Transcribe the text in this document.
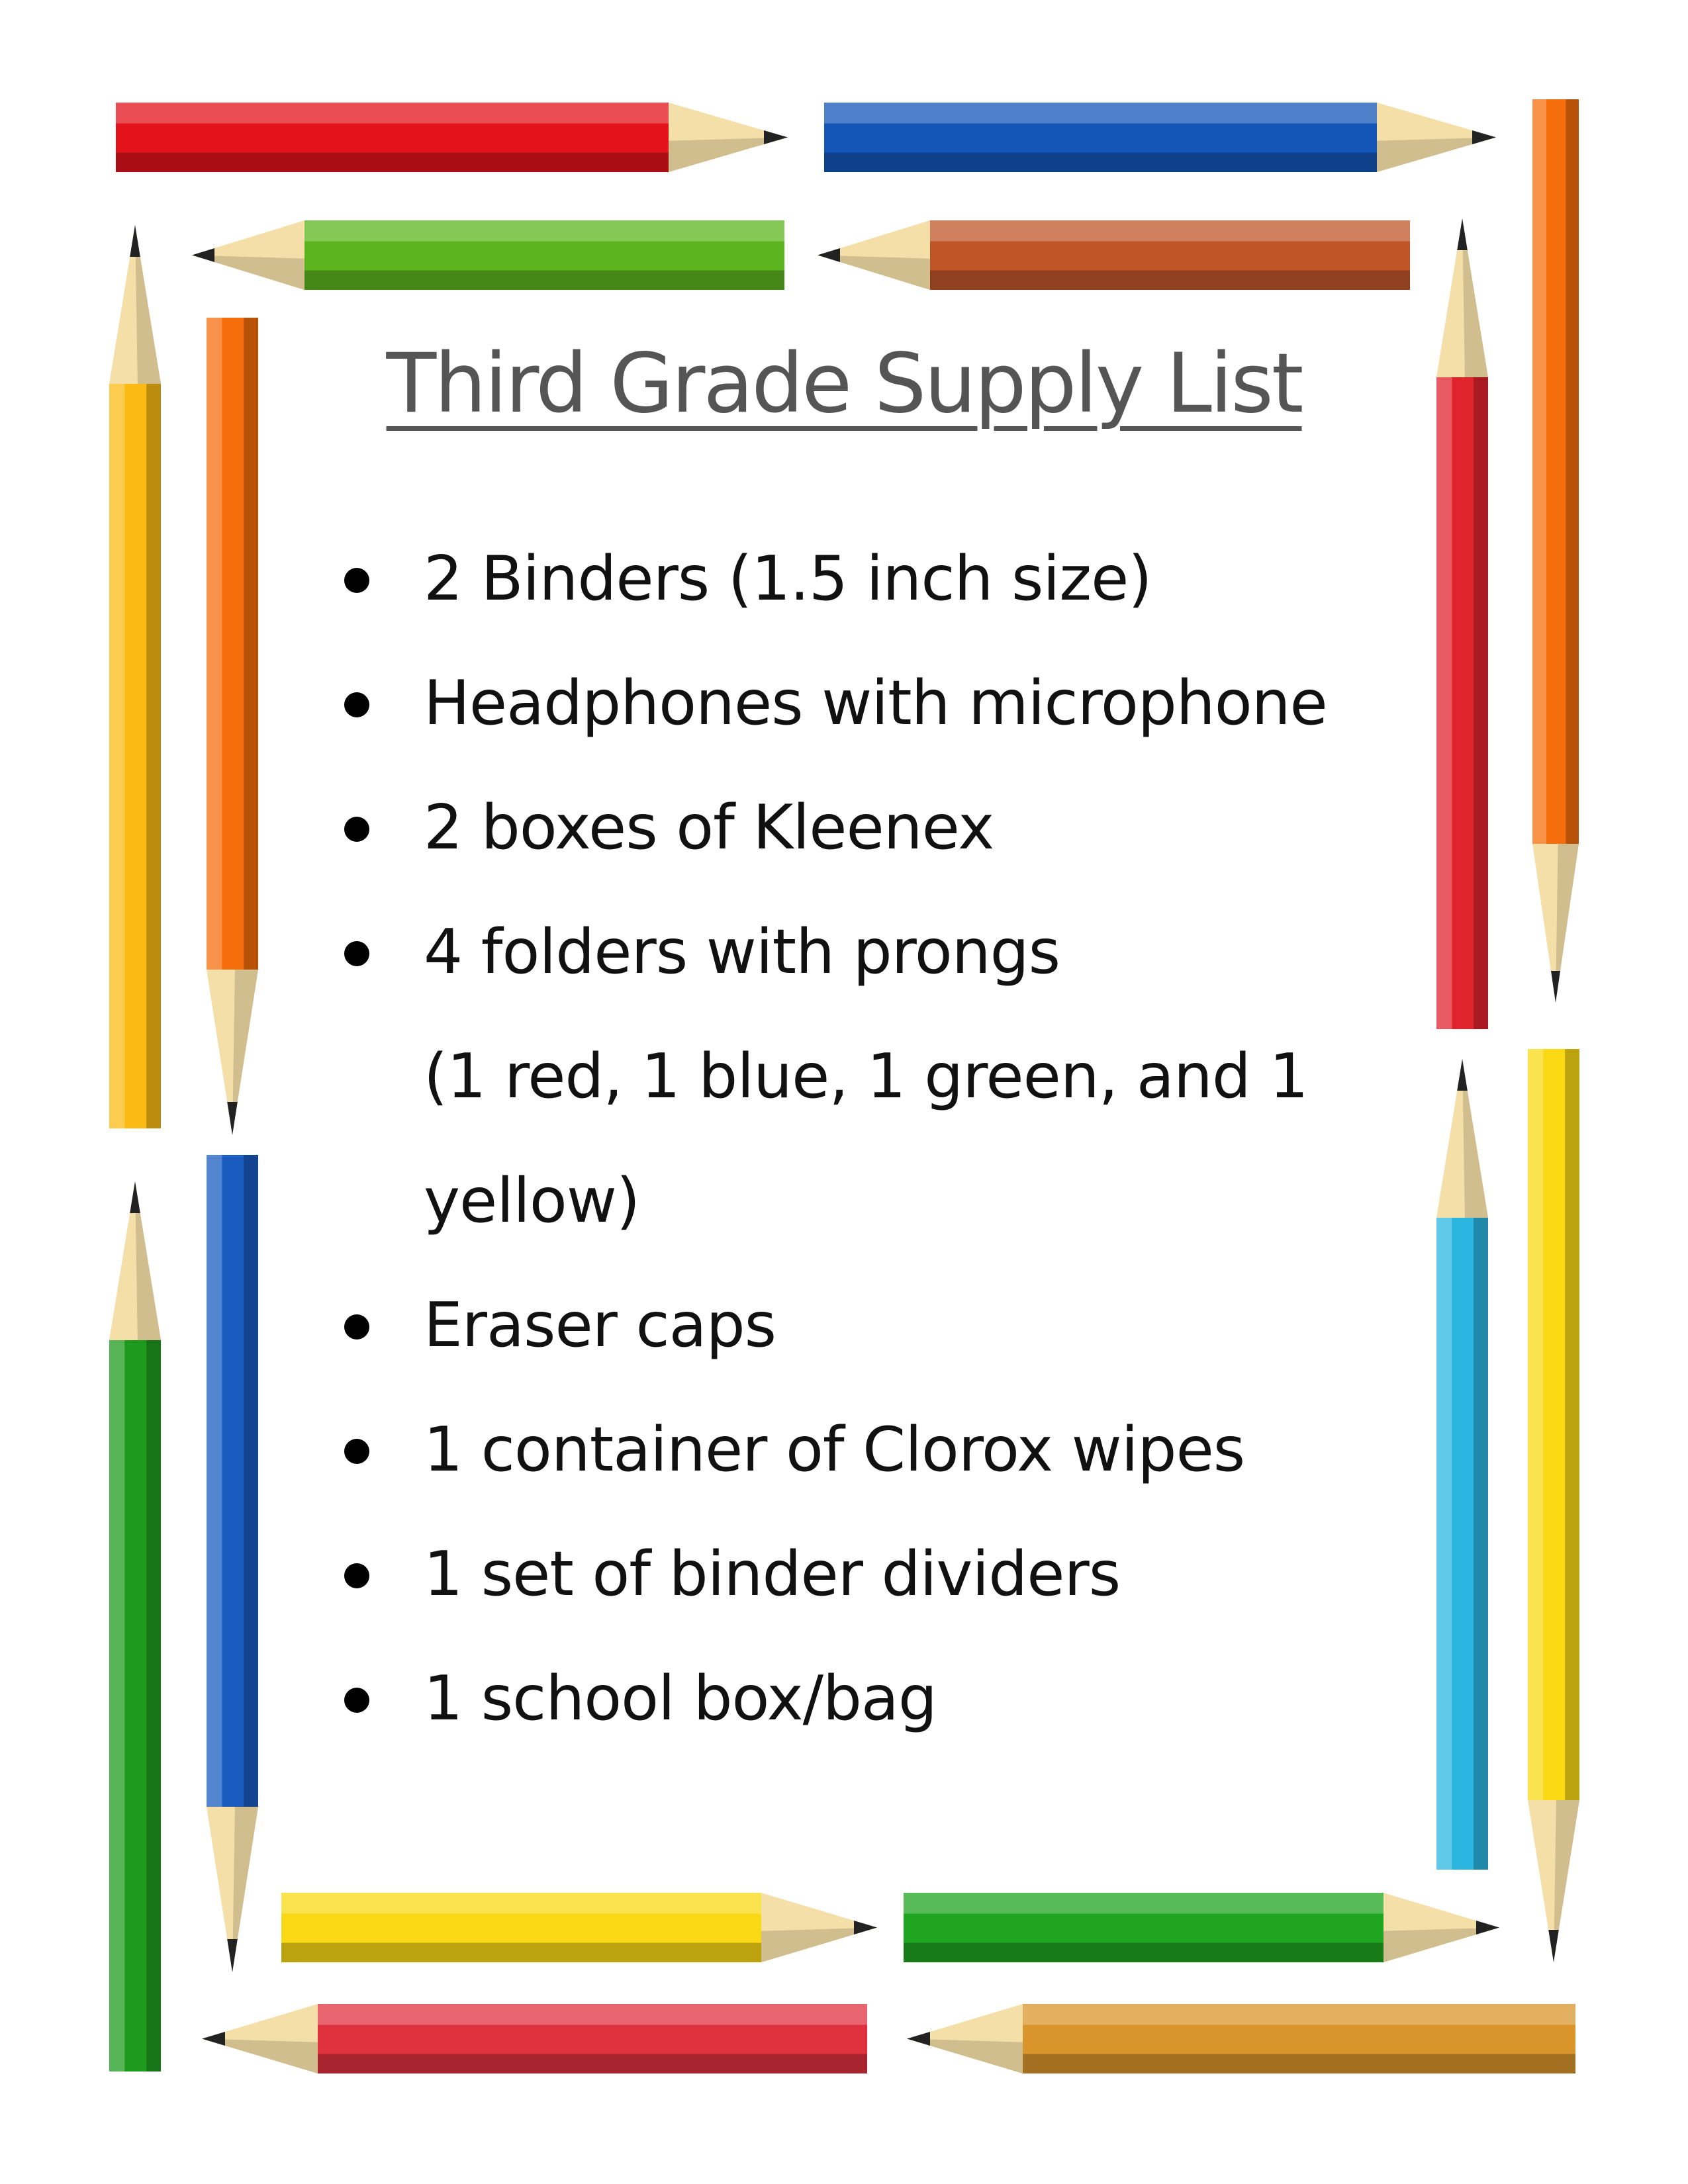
Third Grade Supply List
2 Binders (1.5 inch size)
Headphones with microphone
2 boxes of Kleenex
4 folders with prongs
(1 red, 1 blue, 1 green, and 1
yellow)
Eraser caps
1 container of Clorox wipes
1 set of binder dividers
1 school box/bag
